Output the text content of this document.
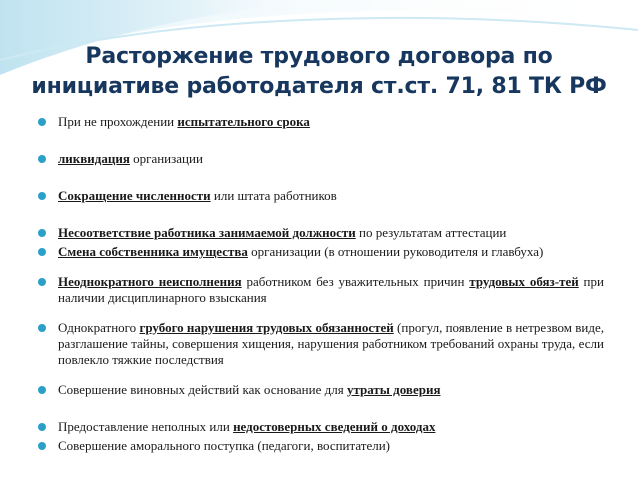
Расторжение трудового договора по
инициативе работодателя ст.ст. 71, 81 ТК РФ
При не прохождении испытательного срока
ликвидация организации
Сокращение численности или штата работников
Несоответствие работника занимаемой должности по результатам аттестации
Смена собственника имущества организации (в отношении руководителя и главбуха)
Неоднократного неисполнения работником без уважительных причин трудовых обяз-тей при наличии дисциплинарного взыскания
Однократного грубого нарушения трудовых обязанностей (прогул, появление в нетрезвом виде, разглашение тайны, совершения хищения, нарушения работником требований охраны труда, если повлекло тяжкие последствия
Совершение виновных действий как основание для утраты доверия
Предоставление неполных или недостоверных сведений о доходах
Совершение аморального поступка (педагоги, воспитатели)
